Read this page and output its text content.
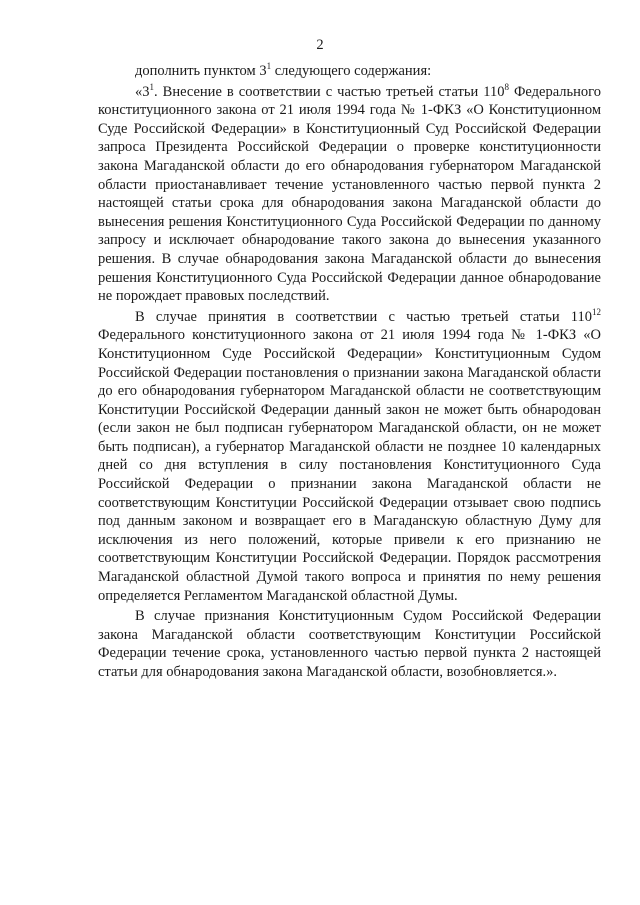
2

дополнить пунктом $3^1$ следующего содержания:

«$3^1$. Внесение в соответствии с частью третьей статьи $110^8$ Федерального конституционного закона от 21 июля 1994 года № 1-ФКЗ «О Конституционном Суде Российской Федерации» в Конституционный Суд Российской Федерации запроса Президента Российской Федерации о проверке конституционности закона Магаданской области до его обнародования губернатором Магаданской области приостанавливает течение установленного частью первой пункта 2 настоящей статьи срока для обнародования закона Магаданской области до вынесения решения Конституционного Суда Российской Федерации по данному запросу и исключает обнародование такого закона до вынесения указанного решения. В случае обнародования закона Магаданской области до вынесения решения Конституционного Суда Российской Федерации данное обнародование не порождает правовых последствий.

В случае принятия в соответствии с частью третьей статьи $110^{12}$ Федерального конституционного закона от 21 июля 1994 года № 1-ФКЗ «О Конституционном Суде Российской Федерации» Конституционным Судом Российской Федерации постановления о признании закона Магаданской области до его обнародования губернатором Магаданской области не соответствующим Конституции Российской Федерации данный закон не может быть обнародован (если закон не был подписан губернатором Магаданской области, он не может быть подписан), а губернатор Магаданской области не позднее 10 календарных дней со дня вступления в силу постановления Конституционного Суда Российской Федерации о признании закона Магаданской области не соответствующим Конституции Российской Федерации отзывает свою подпись под данным законом и возвращает его в Магаданскую областную Думу для исключения из него положений, которые привели к его признанию не соответствующим Конституции Российской Федерации. Порядок рассмотрения Магаданской областной Думой такого вопроса и принятия по нему решения определяется Регламентом Магаданской областной Думы.

В случае признания Конституционным Судом Российской Федерации закона Магаданской области соответствующим Конституции Российской Федерации течение срока, установленного частью первой пункта 2 настоящей статьи для обнародования закона Магаданской области, возобновляется.».
